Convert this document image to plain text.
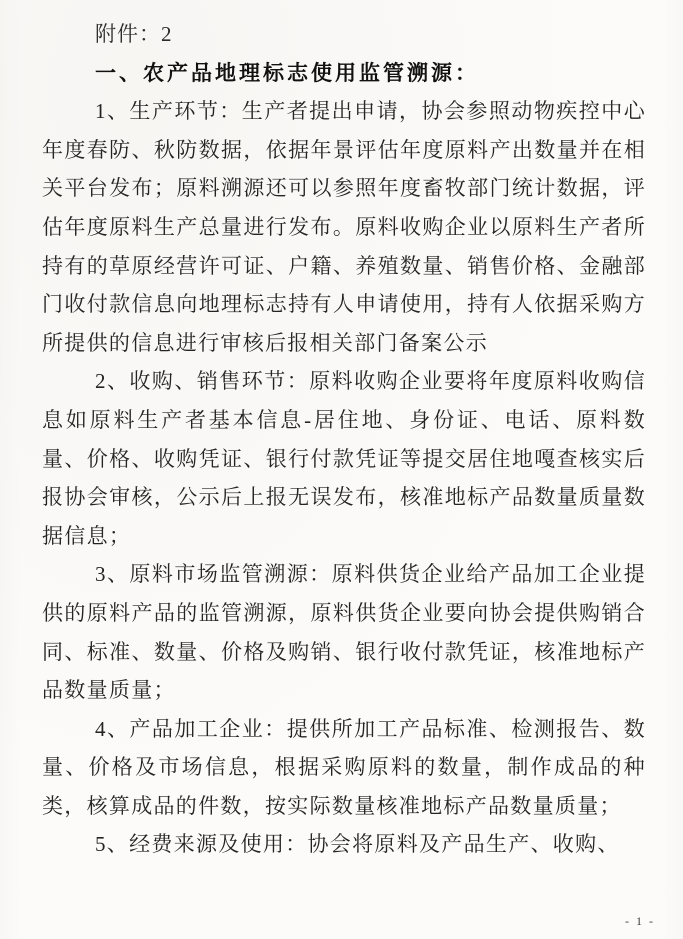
附件：2
一、农产品地理标志使用监管溯源：

1、生产环节：生产者提出申请，协会参照动物疾控中心年度春防、秋防数据，依据年景评估年度原料产出数量并在相关平台发布；原料溯源还可以参照年度畜牧部门统计数据，评估年度原料生产总量进行发布。原料收购企业以原料生产者所持有的草原经营许可证、户籍、养殖数量、销售价格、金融部门收付款信息向地理标志持有人申请使用，持有人依据采购方所提供的信息进行审核后报相关部门备案公示

2、收购、销售环节：原料收购企业要将年度原料收购信息如原料生产者基本信息-居住地、身份证、电话、原料数量、价格、收购凭证、银行付款凭证等提交居住地嘎查核实后报协会审核，公示后上报无误发布，核准地标产品数量质量数据信息；

3、原料市场监管溯源：原料供货企业给产品加工企业提供的原料产品的监管溯源，原料供货企业要向协会提供购销合同、标准、数量、价格及购销、银行收付款凭证，核准地标产品数量质量；

4、产品加工企业：提供所加工产品标准、检测报告、数量、价格及市场信息，根据采购原料的数量，制作成品的种类，核算成品的件数，按实际数量核准地标产品数量质量；

5、经费来源及使用：协会将原料及产品生产、收购、

- 1 -
